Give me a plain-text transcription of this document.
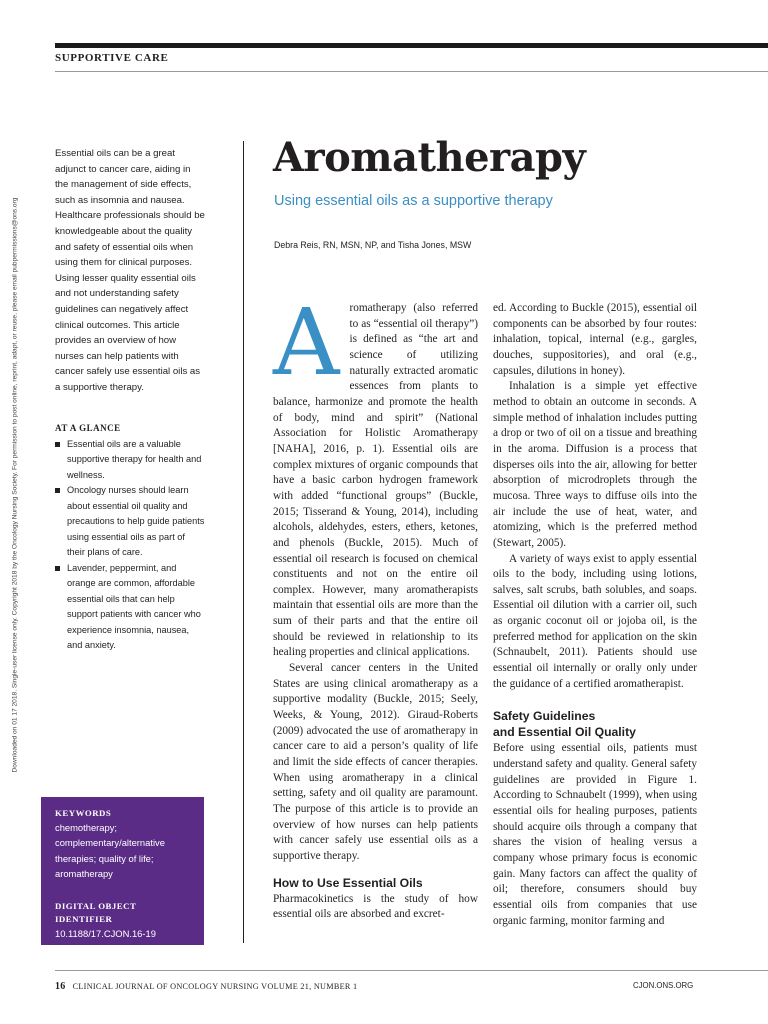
SUPPORTIVE CARE
Downloaded on 01 17 2018. Single-user license only. Copyright 2018 by the Oncology Nursing Society. For permission to post online, reprint, adapt, or reuse, please email pubpermissions@ons.org

Essential oils can be a great adjunct to cancer care, aiding in the management of side effects, such as insomnia and nausea. Healthcare professionals should be knowledgeable about the quality and safety of essential oils when using them for clinical purposes. Using lesser quality essential oils and not understanding safety guidelines can negatively affect clinical outcomes. This article provides an overview of how nurses can help patients with cancer safely use essential oils as a supportive therapy.

AT A GLANCE
Essential oils are a valuable supportive therapy for health and wellness.
Oncology nurses should learn about essential oil quality and precautions to help guide patients using essential oils as part of their plans of care.
Lavender, peppermint, and orange are common, affordable essential oils that can help support patients with cancer who experience insomnia, nausea, and anxiety.
KEYWORDS
chemotherapy; complementary/alternative therapies; quality of life; aromatherapy
DIGITAL OBJECT IDENTIFIER
10.1188/17.CJON.16-19
Aromatherapy
Using essential oils as a supportive therapy
Debra Reis, RN, MSN, NP, and Tisha Jones, MSW
A romatherapy (also referred to as “essential oil therapy”) is defined as “the art and science of utilizing naturally extracted aromatic essences from plants to balance, harmonize and promote the health of body, mind and spirit” (National Association for Holistic Aromatherapy [NAHA], 2016, p. 1). Essential oils are complex mixtures of organic compounds that have a basic carbon hydrogen framework with added “functional groups” (Buckle, 2015; Tisserand & Young, 2014), including alcohols, aldehydes, esters, ethers, ketones, and phenols (Buckle, 2015). Much of essential oil research is focused on chemical constituents and not on the entire oil complex. However, many aromatherapists maintain that essential oils are more than the sum of their parts and that the entire oil should be reviewed in relationship to its healing properties and clinical applications.

Several cancer centers in the United States are using clinical aromatherapy as a supportive modality (Buckle, 2015; Seely, Weeks, & Young, 2012). Giraud-Roberts (2009) advocated the use of aromatherapy in cancer care to aid a person’s quality of life and limit the side effects of cancer therapies. When using aromatherapy in a clinical setting, safety and oil quality are paramount. The purpose of this article is to provide an overview of how nurses can help patients with cancer safely use essential oils as a supportive therapy.

How to Use Essential Oils

Pharmacokinetics is the study of how essential oils are absorbed and excret-

ed. According to Buckle (2015), essential oil components can be absorbed by four routes: inhalation, topical, internal (e.g., gargles, douches, suppositories), and oral (e.g., capsules, dilutions in honey).

Inhalation is a simple yet effective method to obtain an outcome in seconds. A simple method of inhalation includes putting a drop or two of oil on a tissue and breathing in the aroma. Diffusion is a process that disperses oils into the air, allowing for better absorption of microdroplets through the mucosa. Three ways to diffuse oils into the air include the use of heat, water, and atomizing, which is the preferred method (Stewart, 2005).

A variety of ways exist to apply essential oils to the body, including using lotions, salves, salt scrubs, bath solubles, and soaps. Essential oil dilution with a carrier oil, such as organic coconut oil or jojoba oil, is the preferred method for application on the skin (Schnaubelt, 2011). Patients should use essential oil internally or orally only under the guidance of a certified aromatherapist.

Safety Guidelines
and Essential Oil Quality

Before using essential oils, patients must understand safety and quality. General safety guidelines are provided in Figure 1. According to Schnaubelt (1999), when using essential oils for healing purposes, patients should acquire oils through a company that shares the vision of healing versus a company whose primary focus is economic gain. Many factors can affect the quality of oil; therefore, consumers should buy essential oils from companies that use organic farming, monitor farming and

16 CLINICAL JOURNAL OF ONCOLOGY NURSING VOLUME 21, NUMBER 1	CJON.ONS.ORG
